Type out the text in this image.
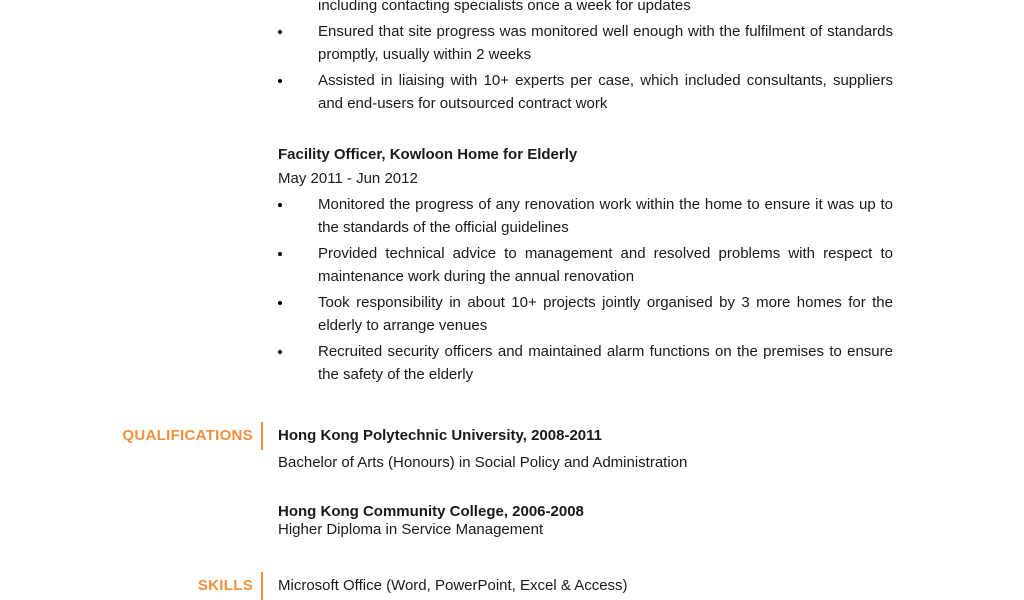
including contacting specialists once a week for updates
Ensured that site progress was monitored well enough with the fulfilment of standards promptly, usually within 2 weeks
Assisted in liaising with 10+ experts per case, which included consultants, suppliers and end-users for outsourced contract work
Facility Officer, Kowloon Home for Elderly
May 2011 - Jun 2012
Monitored the progress of any renovation work within the home to ensure it was up to the standards of the official guidelines
Provided technical advice to management and resolved problems with respect to maintenance work during the annual renovation
Took responsibility in about 10+ projects jointly organised by 3 more homes for the elderly to arrange venues
Recruited security officers and maintained alarm functions on the premises to ensure the safety of the elderly
QUALIFICATIONS Hong Kong Polytechnic University, 2008-2011
Bachelor of Arts (Honours) in Social Policy and Administration
Hong Kong Community College, 2006-2008
Higher Diploma in Service Management
SKILLS Microsoft Office (Word, PowerPoint, Excel & Access)
